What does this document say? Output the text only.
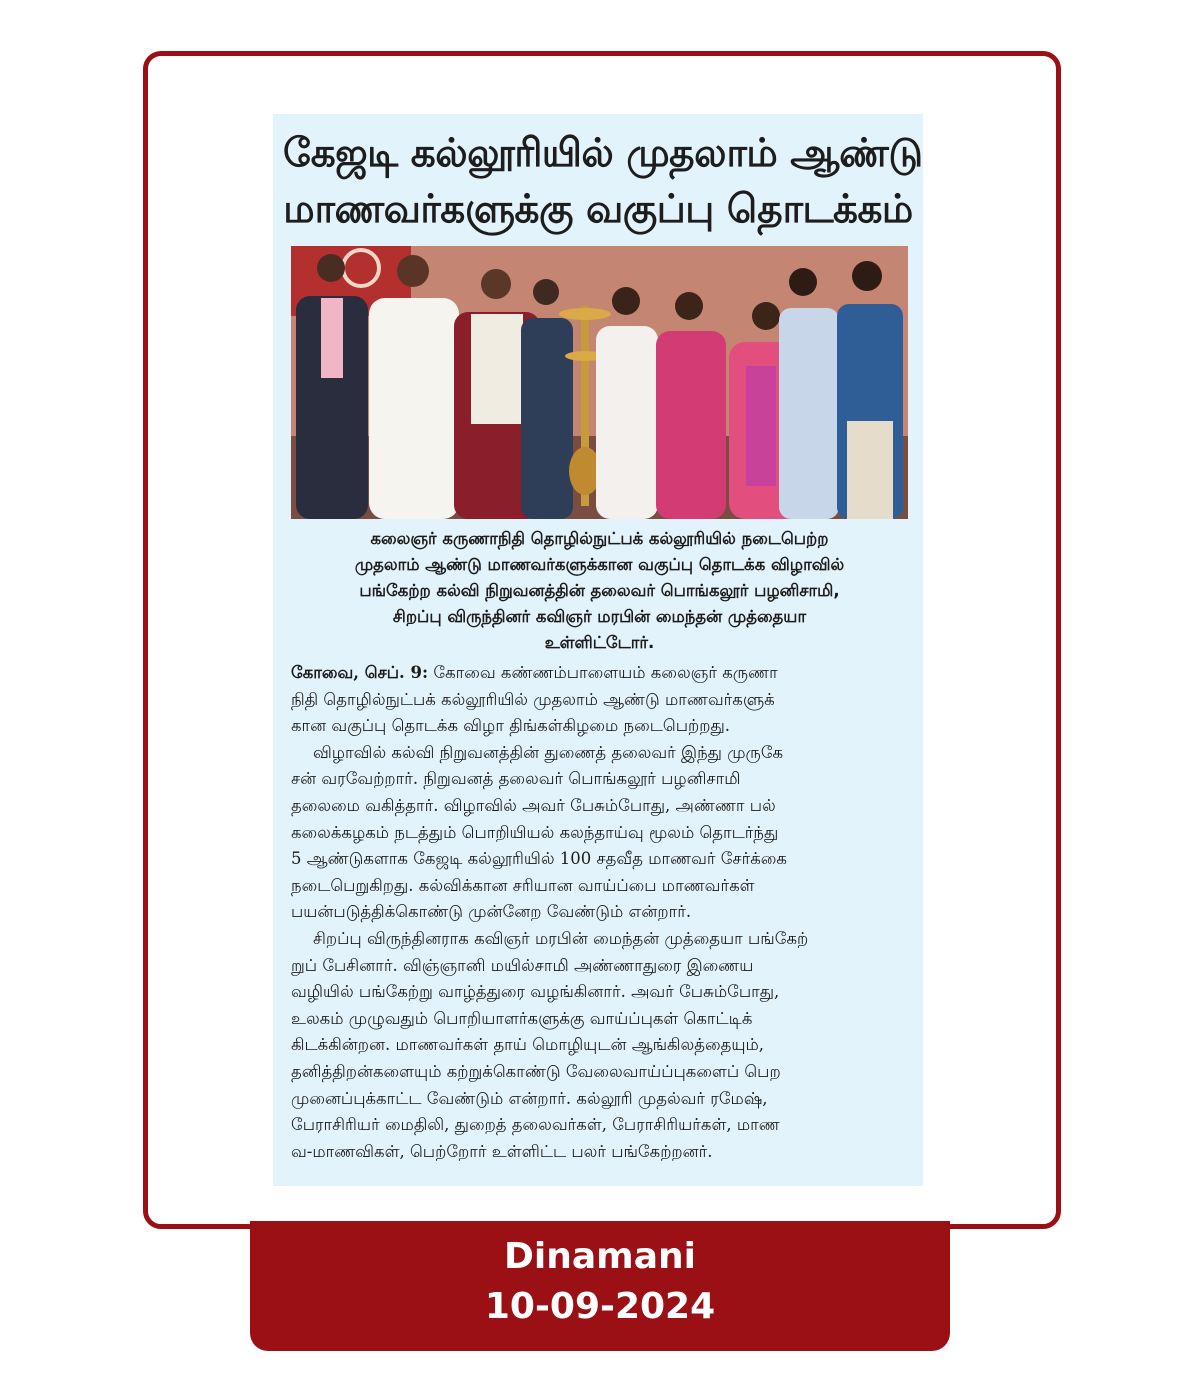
கேஜடி கல்லூரியில் முதலாம் ஆண்டு
மாணவர்களுக்கு வகுப்பு தொடக்கம்
கலைஞர் கருணாநிதி தொழில்நுட்பக் கல்லூரியில் நடைபெற்ற
முதலாம் ஆண்டு மாணவர்களுக்கான வகுப்பு தொடக்க விழாவில்
பங்கேற்ற கல்வி நிறுவனத்தின் தலைவர் பொங்கலூர் பழனிசாமி,
சிறப்பு விருந்தினர் கவிஞர் மரபின் மைந்தன் முத்தையா
உள்ளிட்டோர்.
கோவை, செப். 9: கோவை கண்ணம்பாளையம் கலைஞர் கருணா
நிதி தொழில்நுட்பக் கல்லூரியில் முதலாம் ஆண்டு மாணவர்களுக்
கான வகுப்பு தொடக்க விழா திங்கள்கிழமை நடைபெற்றது.
விழாவில் கல்வி நிறுவனத்தின் துணைத் தலைவர் இந்து முருகே
சன் வரவேற்றார். நிறுவனத் தலைவர் பொங்கலூர் பழனிசாமி
தலைமை வகித்தார். விழாவில் அவர் பேசும்போது, அண்ணா பல்
கலைக்கழகம் நடத்தும் பொறியியல் கலந்தாய்வு மூலம் தொடர்ந்து
5 ஆண்டுகளாக கேஜடி கல்லூரியில் 100 சதவீத மாணவர் சேர்க்கை
நடைபெறுகிறது. கல்விக்கான சரியான வாய்ப்பை மாணவர்கள்
பயன்படுத்திக்கொண்டு முன்னேற வேண்டும் என்றார்.
சிறப்பு விருந்தினராக கவிஞர் மரபின் மைந்தன் முத்தையா பங்கேற்
றுப் பேசினார். விஞ்ஞானி மயில்சாமி அண்ணாதுரை இணைய
வழியில் பங்கேற்று வாழ்த்துரை வழங்கினார். அவர் பேசும்போது,
உலகம் முழுவதும் பொறியாளர்களுக்கு வாய்ப்புகள் கொட்டிக்
கிடக்கின்றன. மாணவர்கள் தாய் மொழியுடன் ஆங்கிலத்தையும்,
தனித்திறன்களையும் கற்றுக்கொண்டு வேலைவாய்ப்புகளைப் பெற
முனைப்புக்காட்ட வேண்டும் என்றார். கல்லூரி முதல்வர் ரமேஷ்,
பேராசிரியர் மைதிலி, துறைத் தலைவர்கள், பேராசிரியர்கள், மாண
வ-மாணவிகள், பெற்றோர் உள்ளிட்ட பலர் பங்கேற்றனர்.
Dinamani
10-09-2024
